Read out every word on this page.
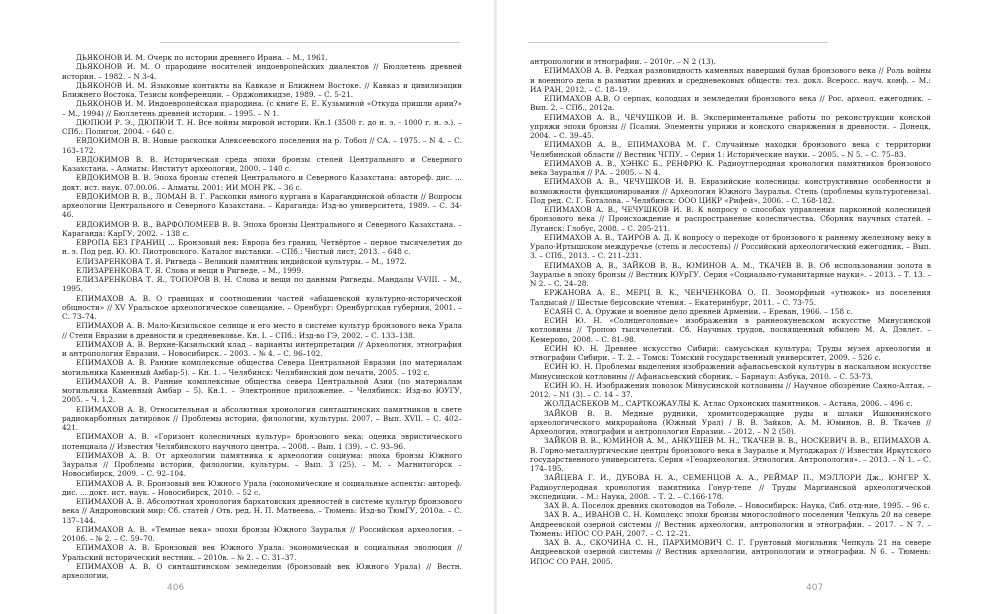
ДЬЯКОНОВ И. М. Очерк по истории древнего Ирана. – М., 1961.

ДЬЯКОНОВ И. М. О прародине носителей индоевропейских диалектов // Бюллетень древней истории. – 1982. – N 3-4.

ДЬЯКОНОВ И. М. Языковые контакты на Кавказе и Ближнем Востоке. // Кавказ и цивилизации Ближнего Востока. Тезисы конференции. – Орджоникидзе, 1989. – С. 5-21.

ДЬЯКОНОВ И. М. Индоевропейская прародина. (с книге Е. Е. Кузьминой «Откуда пришли арии?» – М., 1994) // Бюллетень древней истории. – 1995. – N 1.

ДЮПЮИ Р. Э., ДЮПЮИ Т. Н. Все войны мировой истории. Кн.1 (3500 г. до н. э. - 1000 г. н. э.). – СПб.: Полигон, 2004. - 640 с.

ЕВДОКИМОВ В. В. Новые раскопки Алексеевского поселения на р. Тобол // СА. – 1975. – N 4. – С. 163–172.

ЕВДОКИМОВ В. В. Историческая среда эпохи бронзы степей Центрального и Северного Казахстана. – Алматы: Институт археологии, 2000. – 140 с.

ЕВДОКИМОВ В. В. Эпоха бронзы степей Центрального и Северного Казахстана: автореф. дис. ... докт. ист. наук. 07.00.06. – Алматы, 2001: ИИ МОН РК. – 36 с.

ЕВДОКИМОВ В. В., ЛОМАН В. Г. Раскопки ямного кургана в Карагандинской области // Вопросы археологии Центрального и Северного Казахстана. – Караганда: Изд-во университета, 1989. – С. 34-46.

ЕВДОКИМОВ В. В., ВАРФОЛОМЕЕВ В. В. Эпоха бронзы Центрального и Северного Казахстана. – Караганда: КарГУ, 2002. – 138 с.

ЕВРОПА БЕЗ ГРАНИЦ ... Бронзовый век: Европа без границ. Четвёртое – первое тысячелетия до н. э. Под ред. Ю. Ю. Пиотровского. Каталог выставки. – СПб.: Чистый лист, 2013. – 648 с.

ЕЛИЗАРЕНКОВА Т. Я. Ригведа – Великий памятник индийской культуры. – М., 1972.

ЕЛИЗАРЕНКОВА Т. Я. Слова и вещи в Ригведе. – М., 1999.

ЕЛИЗАРЕНКОВА Т. Я., ТОПОРОВ В. Н. Слова и вещи по данным Ригведы. Мандалы V-VIII. – М., 1995.

ЕПИМАХОВ А. В. О границах и соотношении частей «абашевской культурно-исторической общности» // XV Уральское археологическое совещание. – Оренбург: Оренбургская губерния, 2001. – С. 73–74.

ЕПИМАХОВ А. В. Мало-Кизильское селище и его место в системе культур бронзового века Урала // Степи Евразии в древности и средневековье. Кн. I. – СПб.: Изд-во ГЭ, 2002. – С. 133–138.

ЕПИМАХОВ А. В. Верхне-Кизильский клад – варианты интерпретации // Археология, этнография и антропология Евразии. – Новосибирск. – 2003. – № 4. – С. 96–102.

ЕПИМАХОВ А. В. Ранние комплексные общества Севера Центральной Евразии (по материалам могильника Каменный Амбар-5). – Кн. 1. – Челябинск: Челябинский дом печати, 2005. – 192 с.

ЕПИМАХОВ А. В. Ранние комплексные общества севера Центральной Азии (по материалам могильника Каменный Амбар – 5). Кн.1. – Электронное приложение. – Челябинск: Изд-во ЮУГУ, 2005. – Ч. 1,2.

ЕПИМАХОВ А. В. Относительная и абсолютная хронология синташтинских памятников в свете радиокарбонных датировок // Проблемы истории, филологии, культуры. 2007. – Вып. XVII. – С. 402–421.

ЕПИМАХОВ А. В. «Горизонт колесничных культур» бронзового века: оценка эвристического потенциала // Известия Челябинского научного центра. – 2008. – Вып. 1 (39). – С. 93–96.

ЕПИМАХОВ А. В. От археологии памятника к археологии социума: эпоха бронзы Южного Зауралья // Проблемы истории, филологии, культуры. – Вып. 3 (25). – М. – Магнитогорск – Новосибирск, 2009. – С. 92–104.

ЕПИМАХОВ А. В. Бронзовый век Южного Урала (экономические и социальные аспекты: автореф. дис. ... докт. ист. наук. – Новосибирск, 2010. – 52 с.

ЕПИМАХОВ А. В. Абсолютная хронология бархатовских древностей в системе культур бронзового века // Андроновский мир: Сб. статей / Отв. ред. Н. П. Матвеева. – Тюмень: Изд-во ТюмГУ, 2010а. – С. 137–144.

ЕПИМАХОВ А. В. «Темные века» эпохи бронзы Южного Зауралья // Российская археология. – 2010б. – № 2. – С. 59–70.

ЕПИМАХОВ А. В. Бронзовый век Южного Урала: экономическая и социальная эволюция // Уральский исторический вестник. – 2010в. – № 2. – С. 31–37.

ЕПИМАХОВ А. В. О синташтинском земледелии (бронзовый век Южного Урала) // Вестн. археологии,

406

антропологии и этнографии. – 2010г. – N 2 (13).

ЕПИМАХОВ А. В. Редкая разновидность каменных наверший булав бронзового века // Роль войны и военного дела в развитии древних и средневековых обществ: тез. докл. Всеросс. науч. конф. – М.: ИА РАН, 2012. – С. 18–19.

ЕПИМАХОВ А.В. О серпах, колодцах и земледелии бронзового века // Рос. археол. ежегодник. – Вып. 2. – СПб., 2012а.

ЕПИМАХОВ А. В., ЧЕЧУШКОВ И. В. Экспериментальные работы по реконструкции конской упряжи эпохи бронзы // Псалии. Элементы упряжи и конского снаряжения в древности. – Донецк, 2004. – С. 39–45.

ЕПИМАХОВ А. В., ЕПИМАХОВА М. Г. Случайные находки бронзового века с территории Челябинской области // Вестник ЧГПУ. – Серия 1: Исторические науки. – 2005. – N 5. – С. 75–83.

ЕПИМАХОВ А. В., ХЭНКС Б., РЕНФРЮ К. Радиоуглеродная хронология памятников бронзового века Зауралья // РА. – 2005. – N 4.

ЕПИМАХОВ А. В., ЧЕЧУШКОВ И. В. Евразийские колесницы: конструктивные особенности и возможности функционирования // Археология Южного Зауралья. Степь (проблемы культурогенеза). Под ред. С. Г. Боталова. – Челябинск: ООО ЦИКР «Рифей», 2006. – С. 168-182.

ЕПИМАХОВ А. В., ЧЕЧУШКОВ И. В. К вопросу о способах управления парконной колесницей бронзового века // Происхождение и распространение колесничества. Сборник научных статей. – Луганск: Глобус, 2008. – С. 205-211.

ЕПИМАХОВ А. В., ТАИРОВ А. Д. К вопросу о переходе от бронзового к раннему железному веку в Урало-Иртышском междуречье (степь и лесостепь) // Российский археологический ежегодник. – Вып. 3. – СПб., 2013. – С. 211–231.

ЕПИМАХОВ А. В., ЗАЙКОВ В. В., ЮМИНОВ А. М., ТКАЧЕВ В. В. Об использовании золота в Зауралье в эпоху бронзы // Вестник ЮУрГУ. Серия «Социально-гуманитарные науки». – 2013. – Т. 13. – N 2. – С. 24–28.

ЕРЖАНОВА А. Е., МЕРЦ В. К., ЧЕНЧЕНКОВА О. П. Зооморфный «утюжок» из поселения Талдысай // Шестые берсовские чтения. – Екатеринбург, 2011. – С. 73-75.

ЕСАЯН С. А. Оружие и военное дело древней Армении. – Ереван, 1966. – 158 с.

ЕСИН Ю. Н. «Солнцеголовые» изображения в раннеокуневском искусстве Минусинской котловины // Тропою тысячелетий. Сб. Научных трудов, посвященный юбилею М. А. Дэвлет. – Кемерово, 2008. – С. 81–98.

ЕСИН Ю. Н. Древнее искусство Сибири: самусьская культура: Труды музея археологии и этнографии Сибири. – Т. 2. – Томск: Томский государственный университет, 2009. – 526 с.

ЕСИН Ю. Н. Проблемы выделения изображений афанасьевской культуры в наскальном искусстве Минусинской котловины // Афанасьевский сборник. – Барнаул: Азбука, 2010. – С. 53-73.

ЕСИН Ю. Н. Изображения повозок Минусинской котловины // Научное обозрение Саяно-Алтая. – 2012. – N1 (3). – С. 14 – 37.

ЖОЛДАСБЕКОВ М., САРТКОЖАУЛЫ К. Атлас Орхонских памятников. – Астана, 2006. – 496 с.

ЗАЙКОВ В. В. Медные рудники, хромитсодержащие руды и шлаки Ишкининского археологического микрорайона (Южный Урал) / В. В. Зайков, А. М. Юминов, В. В. Ткачев // Археология, этнография и антропология Евразии. – 2012. – N 2 (50).

ЗАЙКОВ В. В., ЮМИНОВ А. М., АНКУШЕВ М. Н., ТКАЧЕВ В. В., НОСКЕВИЧ В. В., ЕПИМАХОВ А. В. Горно-металлургические центры бронзового века в Зауралье и Мугоджарах // Известия Иркутского государственного университета. Серия «Геоархеология. Этнология. Антропология». – 2013. – N 1. – С. 174–195.

ЗАЙЦЕВА Г. И., ДУБОВА Н. А., СЕМЕНЦОВ А. А., РЕЙМАР П., МЭЛЛОРИ Дж., ЮНГЕР Х. Радиоуглеродная хронология памятника Гонур-тепе // Труды Маргианской археологической экспедиции. – М.: Наука, 2008. – Т. 2. – С.166-178.

ЗАХ В. А. Поселок древних скотоводов на Тоболе. – Новосибирск: Наука, Сиб. отд-ние, 1995. – 96 с.

ЗАХ В. А., ИВАНОВ С. Н. Комплекс эпохи бронзы многослойного поселения Чепкуль 20 на севере Андреевской озерной системы // Вестник археологии, антропологии и этнографии. – 2017. – N 7. – Тюмень: ИПОС СО РАН, 2007. – С. 12–21.

ЗАХ В. А., СКОЧИНА С. Н., ПАРХИМОВИЧ С. Г. Грунтовый могильник Чепкуль 21 на севере Андреевской озерной системы // Вестник археологии, антропологии и этнографии. N 6. – Тюмень: ИПОС СО РАН, 2005.

407
